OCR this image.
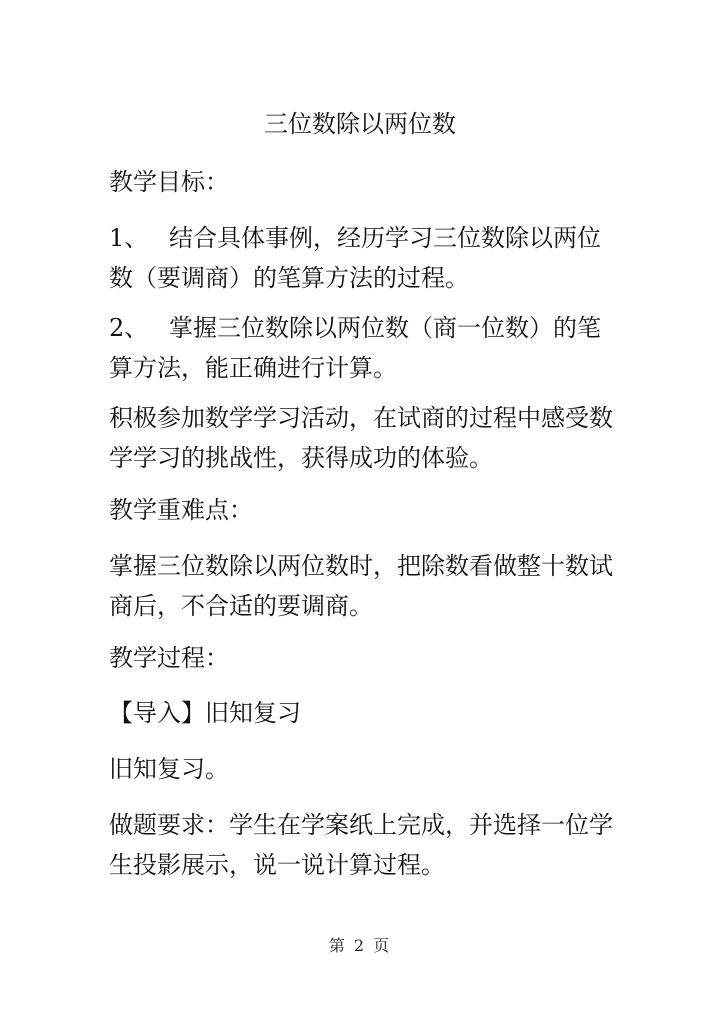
三位数除以两位数

教学目标：

1、 结合具体事例，经历学习三位数除以两位
数（要调商）的笔算方法的过程。

2、 掌握三位数除以两位数（商一位数）的笔
算方法，能正确进行计算。

积极参加数学学习活动，在试商的过程中感受数
学学习的挑战性，获得成功的体验。

教学重难点：

掌握三位数除以两位数时，把除数看做整十数试
商后，不合适的要调商。

教学过程：

【导入】旧知复习

旧知复习。

做题要求：学生在学案纸上完成，并选择一位学
生投影展示，说一说计算过程。

第 2 页
